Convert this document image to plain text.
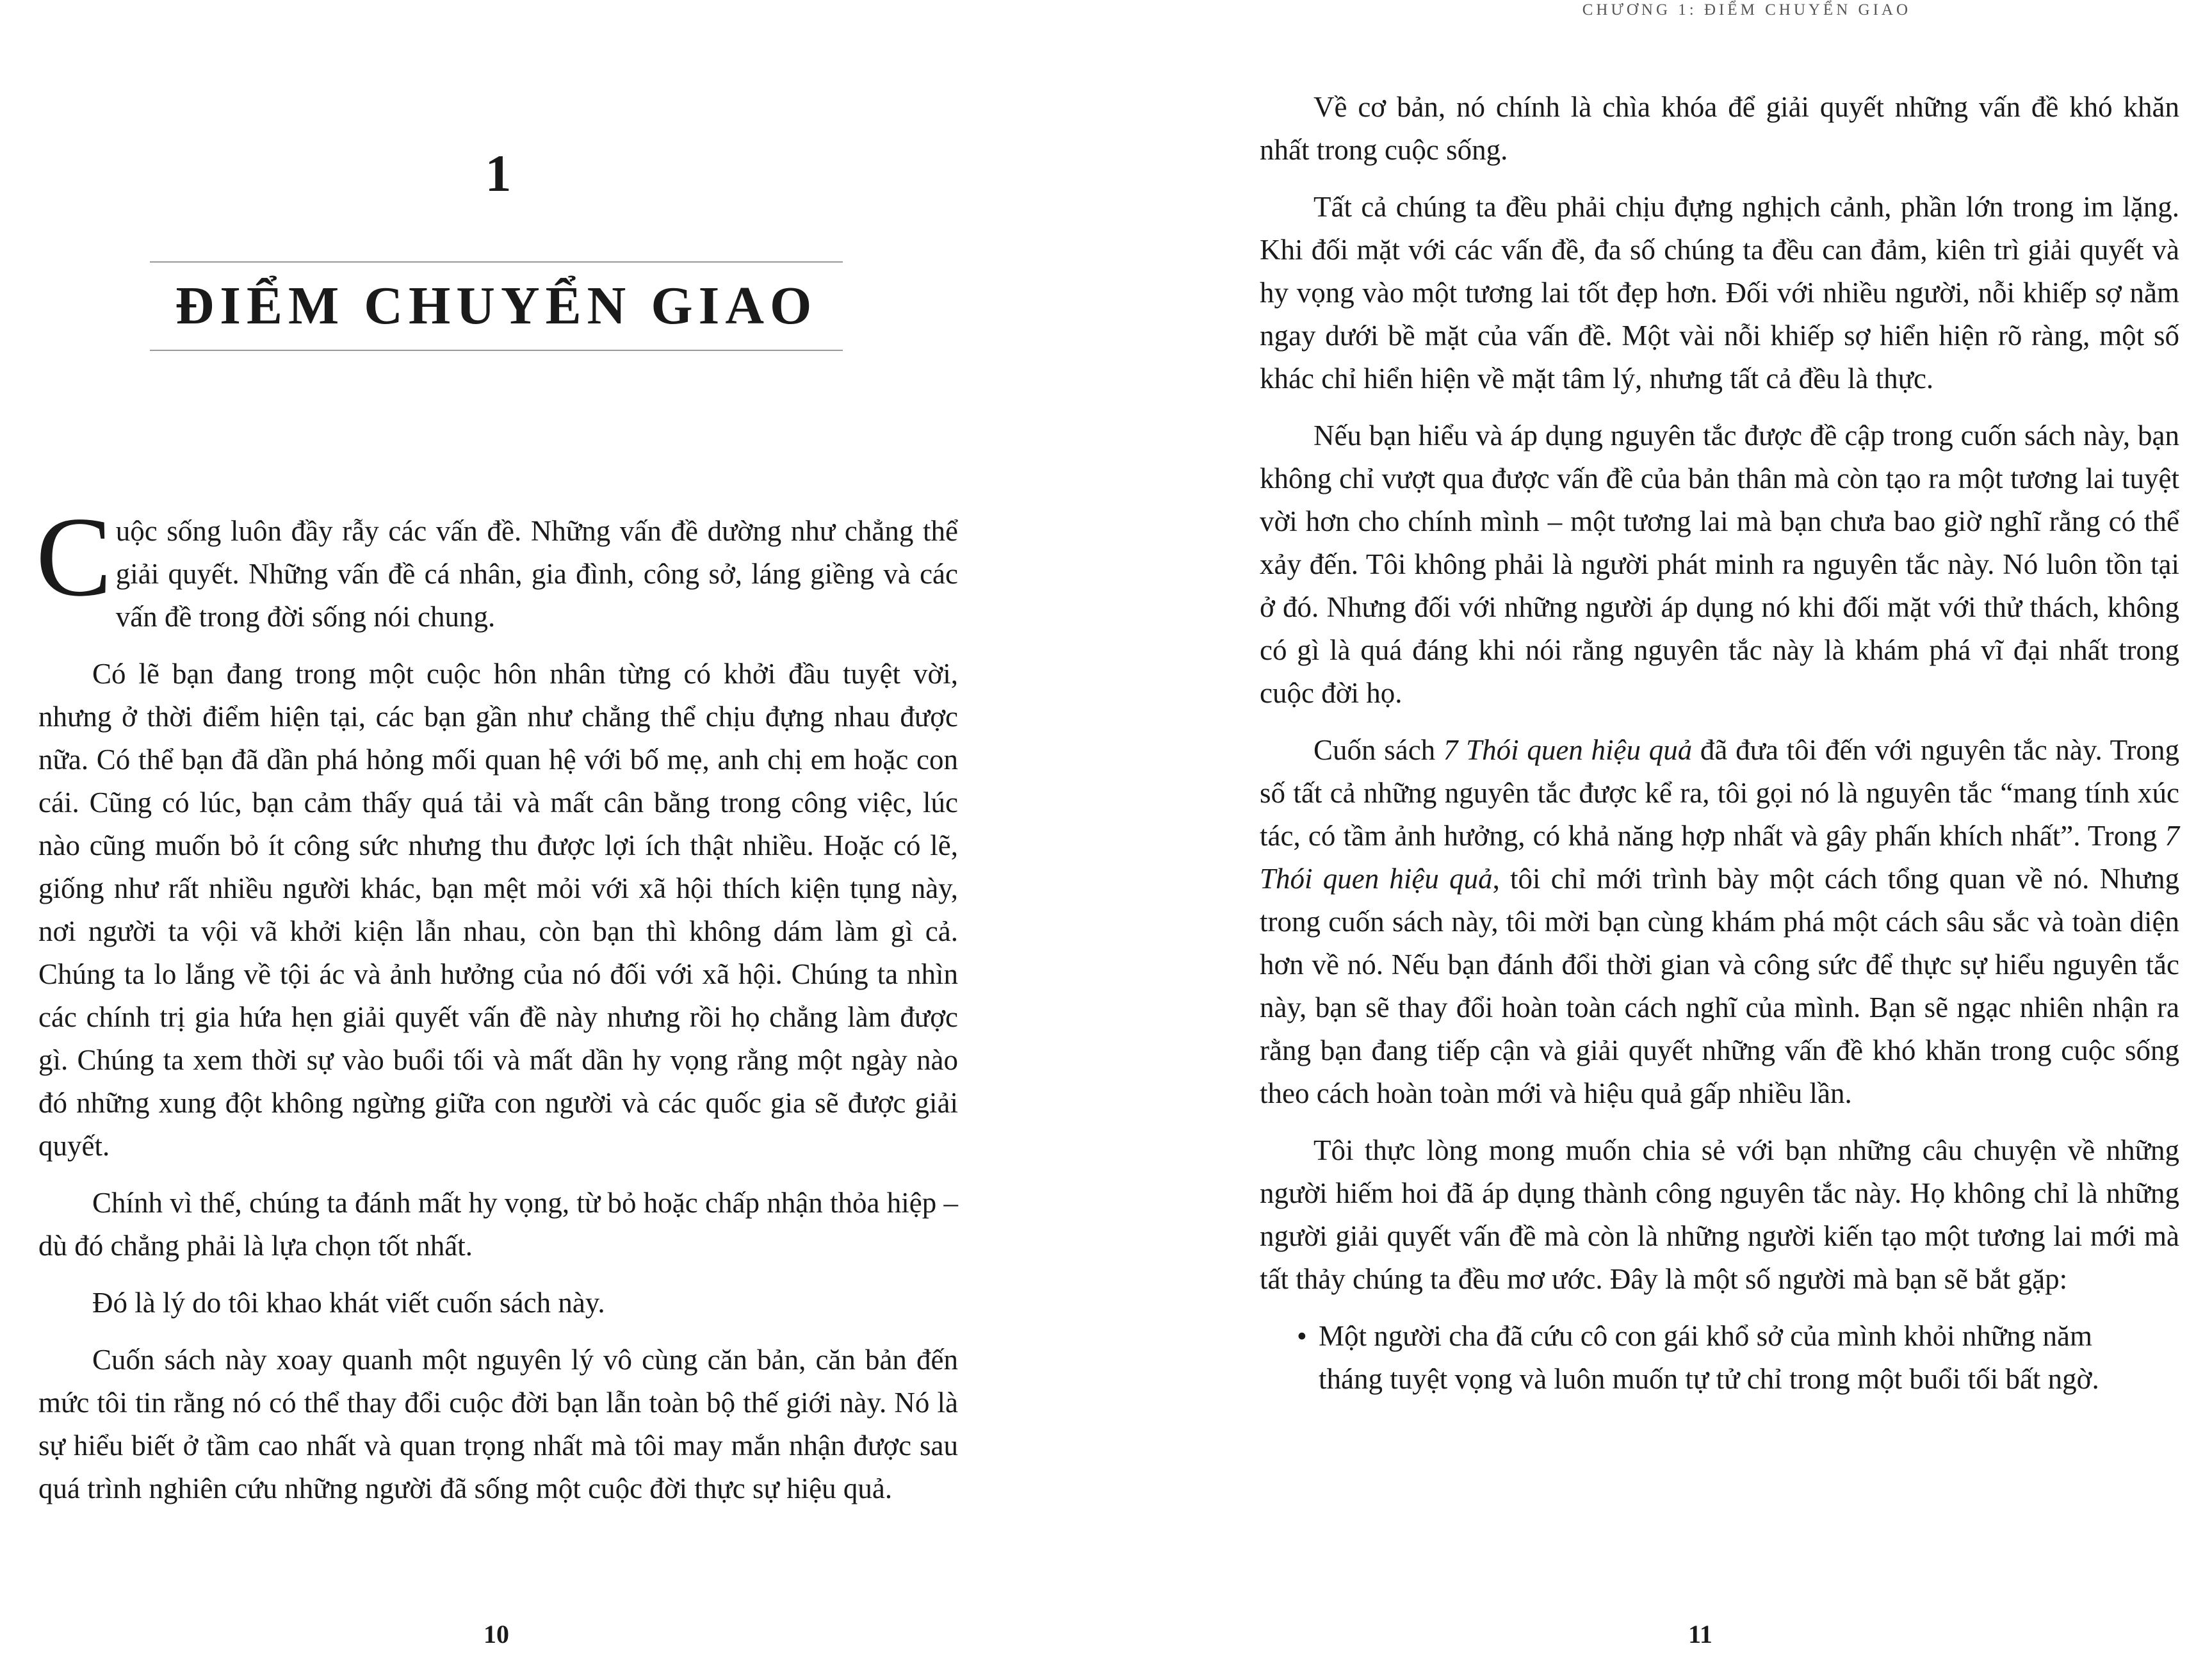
1
ĐIỂM CHUYỂN GIAO

Cuộc sống luôn đầy rẫy các vấn đề. Những vấn đề dường như chẳng thể giải quyết. Những vấn đề cá nhân, gia đình, công sở, láng giềng và các vấn đề trong đời sống nói chung.

Có lẽ bạn đang trong một cuộc hôn nhân từng có khởi đầu tuyệt vời, nhưng ở thời điểm hiện tại, các bạn gần như chẳng thể chịu đựng nhau được nữa. Có thể bạn đã dần phá hỏng mối quan hệ với bố mẹ, anh chị em hoặc con cái. Cũng có lúc, bạn cảm thấy quá tải và mất cân bằng trong công việc, lúc nào cũng muốn bỏ ít công sức nhưng thu được lợi ích thật nhiều. Hoặc có lẽ, giống như rất nhiều người khác, bạn mệt mỏi với xã hội thích kiện tụng này, nơi người ta vội vã khởi kiện lẫn nhau, còn bạn thì không dám làm gì cả. Chúng ta lo lắng về tội ác và ảnh hưởng của nó đối với xã hội. Chúng ta nhìn các chính trị gia hứa hẹn giải quyết vấn đề này nhưng rồi họ chẳng làm được gì. Chúng ta xem thời sự vào buổi tối và mất dần hy vọng rằng một ngày nào đó những xung đột không ngừng giữa con người và các quốc gia sẽ được giải quyết.

Chính vì thế, chúng ta đánh mất hy vọng, từ bỏ hoặc chấp nhận thỏa hiệp – dù đó chẳng phải là lựa chọn tốt nhất.

Đó là lý do tôi khao khát viết cuốn sách này.

Cuốn sách này xoay quanh một nguyên lý vô cùng căn bản, căn bản đến mức tôi tin rằng nó có thể thay đổi cuộc đời bạn lẫn toàn bộ thế giới này. Nó là sự hiểu biết ở tầm cao nhất và quan trọng nhất mà tôi may mắn nhận được sau quá trình nghiên cứu những người đã sống một cuộc đời thực sự hiệu quả.

10
CHƯƠNG 1: ĐIỂM CHUYỂN GIAO

Về cơ bản, nó chính là chìa khóa để giải quyết những vấn đề khó khăn nhất trong cuộc sống.

Tất cả chúng ta đều phải chịu đựng nghịch cảnh, phần lớn trong im lặng. Khi đối mặt với các vấn đề, đa số chúng ta đều can đảm, kiên trì giải quyết và hy vọng vào một tương lai tốt đẹp hơn. Đối với nhiều người, nỗi khiếp sợ nằm ngay dưới bề mặt của vấn đề. Một vài nỗi khiếp sợ hiển hiện rõ ràng, một số khác chỉ hiển hiện về mặt tâm lý, nhưng tất cả đều là thực.

Nếu bạn hiểu và áp dụng nguyên tắc được đề cập trong cuốn sách này, bạn không chỉ vượt qua được vấn đề của bản thân mà còn tạo ra một tương lai tuyệt vời hơn cho chính mình – một tương lai mà bạn chưa bao giờ nghĩ rằng có thể xảy đến. Tôi không phải là người phát minh ra nguyên tắc này. Nó luôn tồn tại ở đó. Nhưng đối với những người áp dụng nó khi đối mặt với thử thách, không có gì là quá đáng khi nói rằng nguyên tắc này là khám phá vĩ đại nhất trong cuộc đời họ.

Cuốn sách 7 Thói quen hiệu quả đã đưa tôi đến với nguyên tắc này. Trong số tất cả những nguyên tắc được kể ra, tôi gọi nó là nguyên tắc “mang tính xúc tác, có tầm ảnh hưởng, có khả năng hợp nhất và gây phấn khích nhất”. Trong 7 Thói quen hiệu quả, tôi chỉ mới trình bày một cách tổng quan về nó. Nhưng trong cuốn sách này, tôi mời bạn cùng khám phá một cách sâu sắc và toàn diện hơn về nó. Nếu bạn đánh đổi thời gian và công sức để thực sự hiểu nguyên tắc này, bạn sẽ thay đổi hoàn toàn cách nghĩ của mình. Bạn sẽ ngạc nhiên nhận ra rằng bạn đang tiếp cận và giải quyết những vấn đề khó khăn trong cuộc sống theo cách hoàn toàn mới và hiệu quả gấp nhiều lần.

Tôi thực lòng mong muốn chia sẻ với bạn những câu chuyện về những người hiếm hoi đã áp dụng thành công nguyên tắc này. Họ không chỉ là những người giải quyết vấn đề mà còn là những người kiến tạo một tương lai mới mà tất thảy chúng ta đều mơ ước. Đây là một số người mà bạn sẽ bắt gặp:

• Một người cha đã cứu cô con gái khổ sở của mình khỏi những năm tháng tuyệt vọng và luôn muốn tự tử chỉ trong một buổi tối bất ngờ.
11
